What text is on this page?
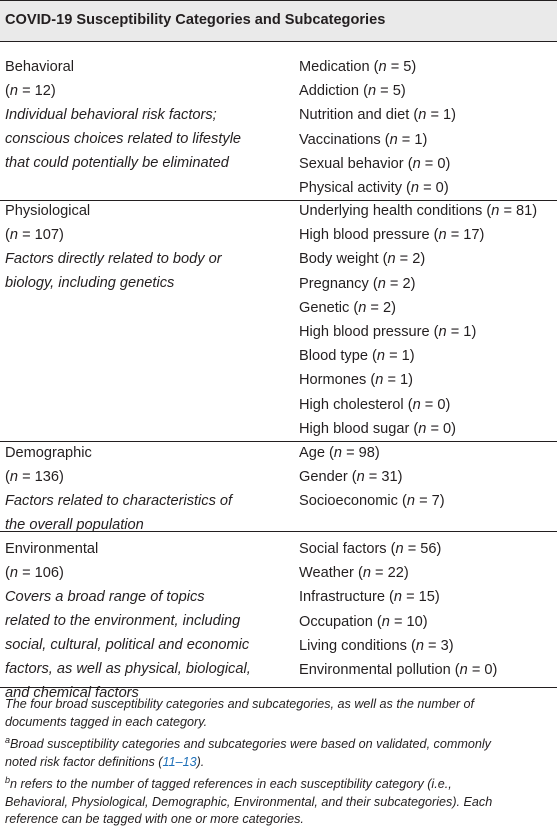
COVID-19 Susceptibility Categories and Subcategories
Behavioral
(n = 12)
Individual behavioral risk factors;
conscious choices related to lifestyle
that could potentially be eliminated
Medication (n = 5)
Addiction (n = 5)
Nutrition and diet (n = 1)
Vaccinations (n = 1)
Sexual behavior (n = 0)
Physical activity (n = 0)
Physiological
(n = 107)
Factors directly related to body or
biology, including genetics
Underlying health conditions (n = 81)
High blood pressure (n = 17)
Body weight (n = 2)
Pregnancy (n = 2)
Genetic (n = 2)
High blood pressure (n = 1)
Blood type (n = 1)
Hormones (n = 1)
High cholesterol (n = 0)
High blood sugar (n = 0)
Demographic
(n = 136)
Factors related to characteristics of
the overall population
Age (n = 98)
Gender (n = 31)
Socioeconomic (n = 7)
Environmental
(n = 106)
Covers a broad range of topics
related to the environment, including
social, cultural, political and economic
factors, as well as physical, biological,
and chemical factors
Social factors (n = 56)
Weather (n = 22)
Infrastructure (n = 15)
Occupation (n = 10)
Living conditions (n = 3)
Environmental pollution (n = 0)

The four broad susceptibility categories and subcategories, as well as the number of
documents tagged in each category.

$^a$Broad susceptibility categories and subcategories were based on validated, commonly
noted risk factor definitions (11–13).

$^b$n refers to the number of tagged references in each susceptibility category (i.e.,
Behavioral, Physiological, Demographic, Environmental, and their subcategories). Each
reference can be tagged with one or more categories.
